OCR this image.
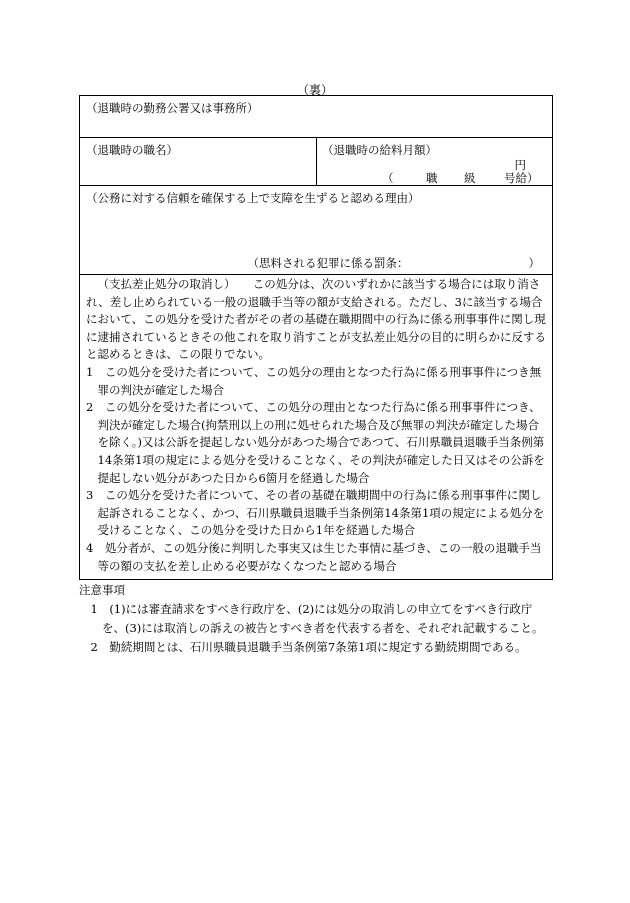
（裏）
（退職時の勤務公署又は事務所）
（退職時の職名）	（退職時の給料月額）
円
（	職 級 号給）
（公務に対する信頼を確保する上で支障を生ずると認める理由）
（思料される犯罪に係る罰条：	）

（支払差止処分の取消し）　　この処分は、次のいずれかに該当する場合には取り消され、差し止められている一般の退職手当等の額が支給される。ただし、3に該当する場合において、この処分を受けた者がその者の基礎在職期間中の行為に係る刑事事件に関し現に逮捕されているときその他これを取り消すことが支払差止処分の目的に明らかに反すると認めるときは、この限りでない。

1　この処分を受けた者について、この処分の理由となつた行為に係る刑事事件につき無罪の判決が確定した場合

2　この処分を受けた者について、この処分の理由となつた行為に係る刑事事件につき、判決が確定した場合(拘禁刑以上の刑に処せられた場合及び無罪の判決が確定した場合を除く。)又は公訴を提起しない処分があつた場合であつて、石川県職員退職手当条例第14条第1項の規定による処分を受けることなく、その判決が確定した日又はその公訴を提起しない処分があつた日から6箇月を経過した場合

3　この処分を受けた者について、その者の基礎在職期間中の行為に係る刑事事件に関し起訴されることなく、かつ、石川県職員退職手当条例第14条第1項の規定による処分を受けることなく、この処分を受けた日から1年を経過した場合

4　処分者が、この処分後に判明した事実又は生じた事情に基づき、この一般の退職手当等の額の支払を差し止める必要がなくなつたと認める場合

注意事項

1　(1)には審査請求をすべき行政庁を、(2)には処分の取消しの申立てをすべき行政庁を、(3)には取消しの訴えの被告とすべき者を代表する者を、それぞれ記載すること。

2　勤続期間とは、石川県職員退職手当条例第7条第1項に規定する勤続期間である。
